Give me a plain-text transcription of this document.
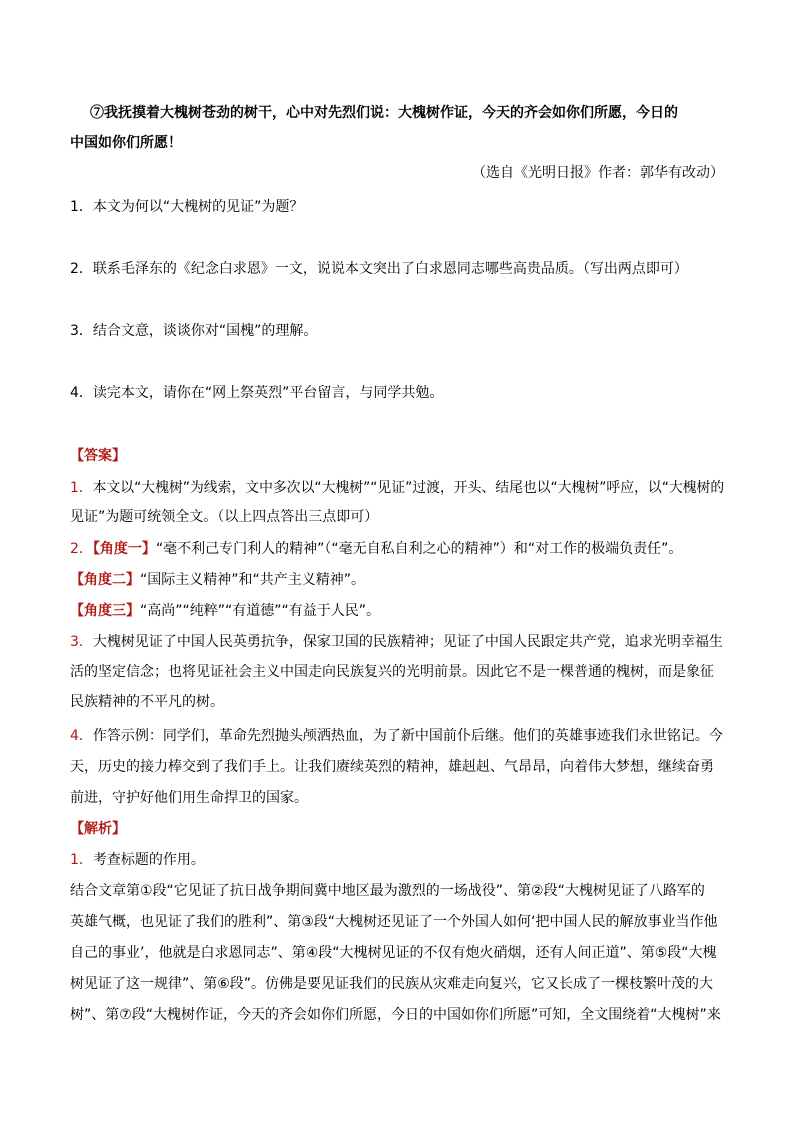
⑦我抚摸着大槐树苍劲的树干，心中对先烈们说：大槐树作证，今天的齐会如你们所愿，今日的
中国如你们所愿！
（选自《光明日报》作者：郭华有改动）
1．本文为何以“大槐树的见证”为题？
2．联系毛泽东的《纪念白求恩》一文，说说本文突出了白求恩同志哪些高贵品质。（写出两点即可）
3．结合文意，谈谈你对“国槐”的理解。
4．读完本文，请你在“网上祭英烈”平台留言，与同学共勉。
【答案】
1．本文以“大槐树”为线索，文中多次以“大槐树”“见证”过渡，开头、结尾也以“大槐树”呼应，以“大槐树的
见证”为题可统领全文。（以上四点答出三点即可）
2．【角度一】“毫不利己专门利人的精神”（“毫无自私自利之心的精神”）和“对工作的极端负责任”。
【角度二】“国际主义精神”和“共产主义精神”。
【角度三】“高尚”“纯粹”“有道德”“有益于人民”。
3．大槐树见证了中国人民英勇抗争，保家卫国的民族精神；见证了中国人民跟定共产党，追求光明幸福生
活的坚定信念；也将见证社会主义中国走向民族复兴的光明前景。因此它不是一棵普通的槐树，而是象征
民族精神的不平凡的树。
4．作答示例：同学们，革命先烈抛头颅洒热血，为了新中国前仆后继。他们的英雄事迹我们永世铭记。今
天，历史的接力棒交到了我们手上。让我们赓续英烈的精神，雄赳赳、气昂昂，向着伟大梦想，继续奋勇
前进，守护好他们用生命捍卫的国家。
【解析】
1．考查标题的作用。
结合文章第①段“它见证了抗日战争期间冀中地区最为激烈的一场战役”、第②段“大槐树见证了八路军的
英雄气概，也见证了我们的胜利”、第③段“大槐树还见证了一个外国人如何‘把中国人民的解放事业当作他
自己的事业’，他就是白求恩同志”、第④段“大槐树见证的不仅有炮火硝烟，还有人间正道”、第⑤段“大槐
树见证了这一规律”、第⑥段”。仿佛是要见证我们的民族从灾难走向复兴，它又长成了一棵枝繁叶茂的大
树”、第⑦段“大槐树作证，今天的齐会如你们所愿，今日的中国如你们所愿”可知，全文围绕着“大槐树”来
